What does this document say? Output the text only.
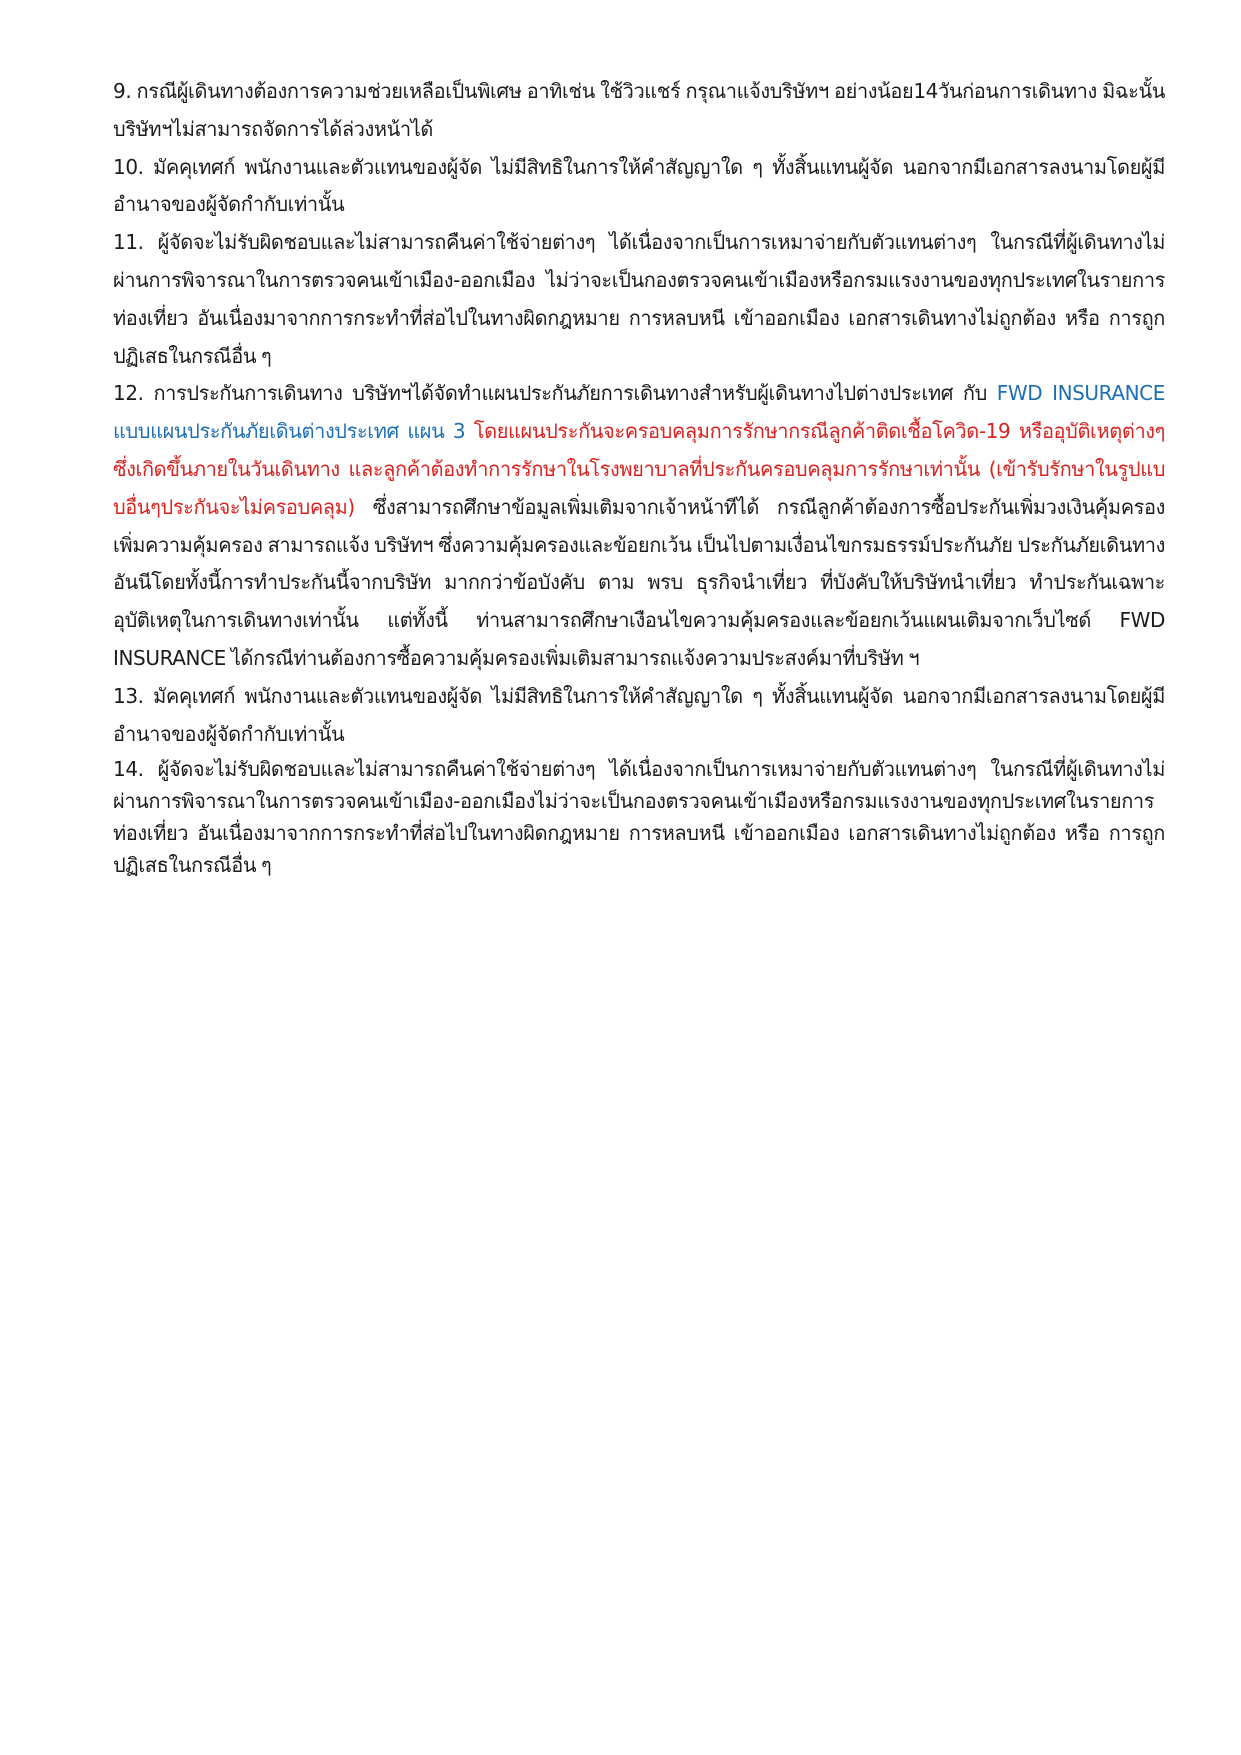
9. กรณีผู้เดินทางต้องการความช่วยเหลือเป็นพิเศษ อาทิเช่น ใช้วิวแชร์ กรุณาแจ้งบริษัทฯ อย่างน้อย14วันก่อนการเดินทาง มิฉะนั้น บริษัทฯไม่สามารถจัดการได้ล่วงหน้าได้

10. มัคคุเทศก์ พนักงานและตัวแทนของผู้จัด ไม่มีสิทธิในการให้คำสัญญาใด ๆ ทั้งสิ้นแทนผู้จัด นอกจากมีเอกสารลงนามโดยผู้มีอำนาจของผู้จัดกำกับเท่านั้น

11. ผู้จัดจะไม่รับผิดชอบและไม่สามารถคืนค่าใช้จ่ายต่างๆ ได้เนื่องจากเป็นการเหมาจ่ายกับตัวแทนต่างๆ ในกรณีที่ผู้เดินทางไม่ผ่านการพิจารณาในการตรวจคนเข้าเมือง-ออกเมือง ไม่ว่าจะเป็นกองตรวจคนเข้าเมืองหรือกรมแรงงานของทุกประเทศในรายการท่องเที่ยว อันเนื่องมาจากการกระทำที่ส่อไปในทางผิดกฎหมาย การหลบหนี เข้าออกเมือง เอกสารเดินทางไม่ถูกต้อง หรือ การถูกปฏิเสธในกรณีอื่น ๆ

12. การประกันการเดินทาง บริษัทฯได้จัดทำแผนประกันภัยการเดินทางสำหรับผู้เดินทางไปต่างประเทศ กับ FWD INSURANCE แบบแผนประกันภัยเดินต่างประเทศ แผน 3 โดยแผนประกันจะครอบคลุมการรักษากรณีลูกค้าติดเชื้อโควิด-19 หรืออุบัติเหตุต่างๆ ซึ่งเกิดขึ้นภายในวันเดินทาง และลูกค้าต้องทำการรักษาในโรงพยาบาลที่ประกันครอบคลุมการรักษาเท่านั้น (เข้ารับรักษาในรูปแบบอื่นๆประกันจะไม่ครอบคลุม) ซึ่งสามารถศึกษาข้อมูลเพิ่มเติมจากเจ้าหน้าทีได้ กรณีลูกค้าต้องการซื้อประกันเพิ่มวงเงินคุ้มครอง เพิ่มความคุ้มครอง สามารถแจ้ง บริษัทฯ ซึ่งความคุ้มครองและข้อยกเว้น เป็นไปตามเงื่อนไขกรมธรรม์ประกันภัย ประกันภัยเดินทางอันนีโดยทั้งนี้การทำประกันนี้จากบริษัท มากกว่าข้อบังคับ ตาม พรบ ธุรกิจนำเที่ยว ที่บังคับให้บริษัทนำเที่ยว ทำประกันเฉพาะอุบัติเหตุในการเดินทางเท่านั้น แต่ทั้งนี้ ท่านสามารถศึกษาเงือนไขความคุ้มครองและข้อยกเว้นแผนเติมจากเว็บไซด์ FWD INSURANCE ได้กรณีท่านต้องการซื้อความคุ้มครองเพิ่มเติมสามารถแจ้งความประสงค์มาที่บริษัท ฯ

13. มัคคุเทศก์ พนักงานและตัวแทนของผู้จัด ไม่มีสิทธิในการให้คำสัญญาใด ๆ ทั้งสิ้นแทนผู้จัด นอกจากมีเอกสารลงนามโดยผู้มีอำนาจของผู้จัดกำกับเท่านั้น

14. ผู้จัดจะไม่รับผิดชอบและไม่สามารถคืนค่าใช้จ่ายต่างๆ ได้เนื่องจากเป็นการเหมาจ่ายกับตัวแทนต่างๆ ในกรณีที่ผู้เดินทางไม่ผ่านการพิจารณาในการตรวจคนเข้าเมือง-ออกเมืองไม่ว่าจะเป็นกองตรวจคนเข้าเมืองหรือกรมแรงงานของทุกประเทศในรายการท่องเที่ยว อันเนื่องมาจากการกระทำที่ส่อไปในทางผิดกฎหมาย การหลบหนี เข้าออกเมือง เอกสารเดินทางไม่ถูกต้อง หรือ การถูกปฏิเสธในกรณีอื่น ๆ
